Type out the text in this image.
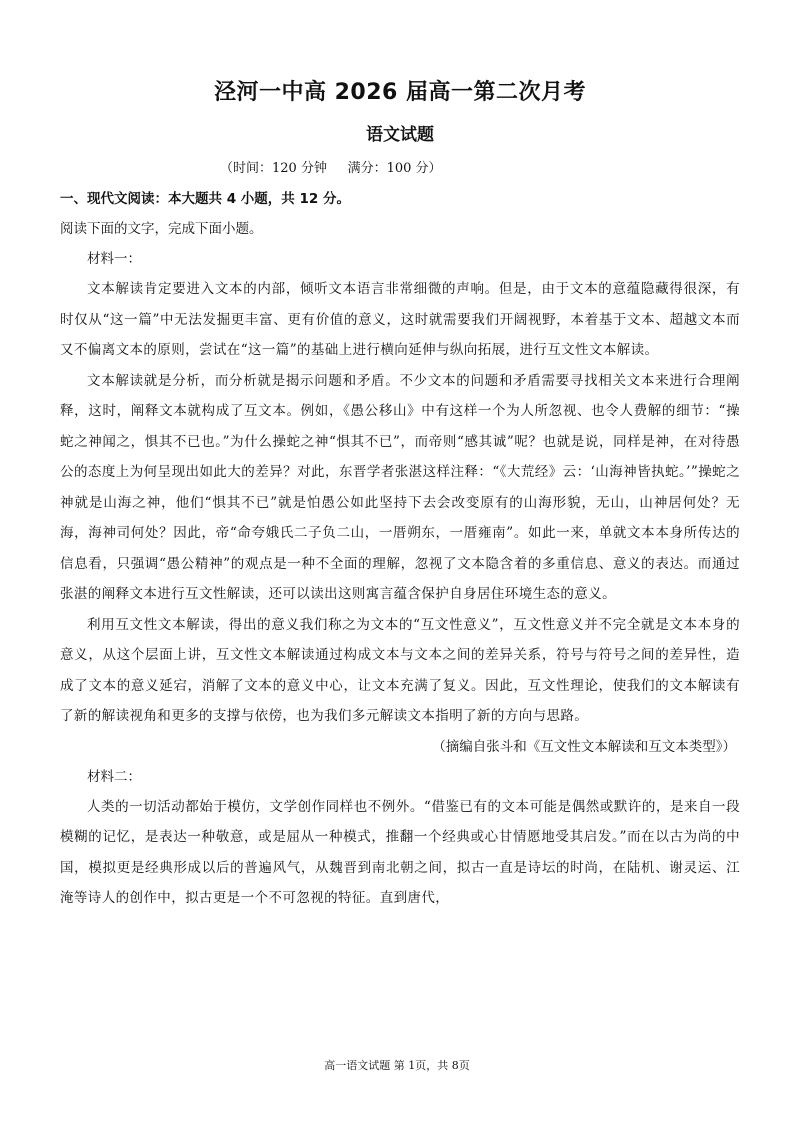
泾河一中高 2026 届高一第二次月考
语文试题

（时间：120 分钟     满分：100 分）

一、现代文阅读：本大题共 4 小题，共 12 分。

阅读下面的文字，完成下面小题。

材料一：

文本解读肯定要进入文本的内部，倾听文本语言非常细微的声响。但是，由于文本的意蕴隐藏得很深，有时仅从“这一篇”中无法发掘更丰富、更有价值的意义，这时就需要我们开阔视野，本着基于文本、超越文本而又不偏离文本的原则，尝试在“这一篇”的基础上进行横向延伸与纵向拓展，进行互文性文本解读。

文本解读就是分析，而分析就是揭示问题和矛盾。不少文本的问题和矛盾需要寻找相关文本来进行合理阐释，这时，阐释文本就构成了互文本。例如，《愚公移山》中有这样一个为人所忽视、也令人费解的细节：“操蛇之神闻之，惧其不已也。”为什么操蛇之神“惧其不已”，而帝则“感其诚”呢？也就是说，同样是神，在对待愚公的态度上为何呈现出如此大的差异？对此，东晋学者张湛这样注释：“《大荒经》云：‘山海神皆执蛇。’”操蛇之神就是山海之神，他们“惧其不已”就是怕愚公如此坚持下去会改变原有的山海形貌，无山，山神居何处？无海，海神司何处？因此，帝“命夸娥氏二子负二山，一厝朔东，一厝雍南”。如此一来，单就文本本身所传达的信息看，只强调“愚公精神”的观点是一种不全面的理解，忽视了文本隐含着的多重信息、意义的表达。而通过张湛的阐释文本进行互文性解读，还可以读出这则寓言蕴含保护自身居住环境生态的意义。

利用互文性文本解读，得出的意义我们称之为文本的“互文性意义”，互文性意义并不完全就是文本本身的意义，从这个层面上讲，互文性文本解读通过构成文本与文本之间的差异关系，符号与符号之间的差异性，造成了文本的意义延宕，消解了文本的意义中心，让文本充满了复义。因此，互文性理论，使我们的文本解读有了新的解读视角和更多的支撑与依傍，也为我们多元解读文本指明了新的方向与思路。

（摘编自张斗和《互文性文本解读和互文本类型》）

材料二：

人类的一切活动都始于模仿，文学创作同样也不例外。“借鉴已有的文本可能是偶然或默许的，是来自一段模糊的记忆，是表达一种敬意，或是屈从一种模式，推翻一个经典或心甘情愿地受其启发。”而在以古为尚的中国，模拟更是经典形成以后的普遍风气，从魏晋到南北朝之间，拟古一直是诗坛的时尚，在陆机、谢灵运、江淹等诗人的创作中，拟古更是一个不可忽视的特征。直到唐代，

高一语文试题 第 1页，共 8页
